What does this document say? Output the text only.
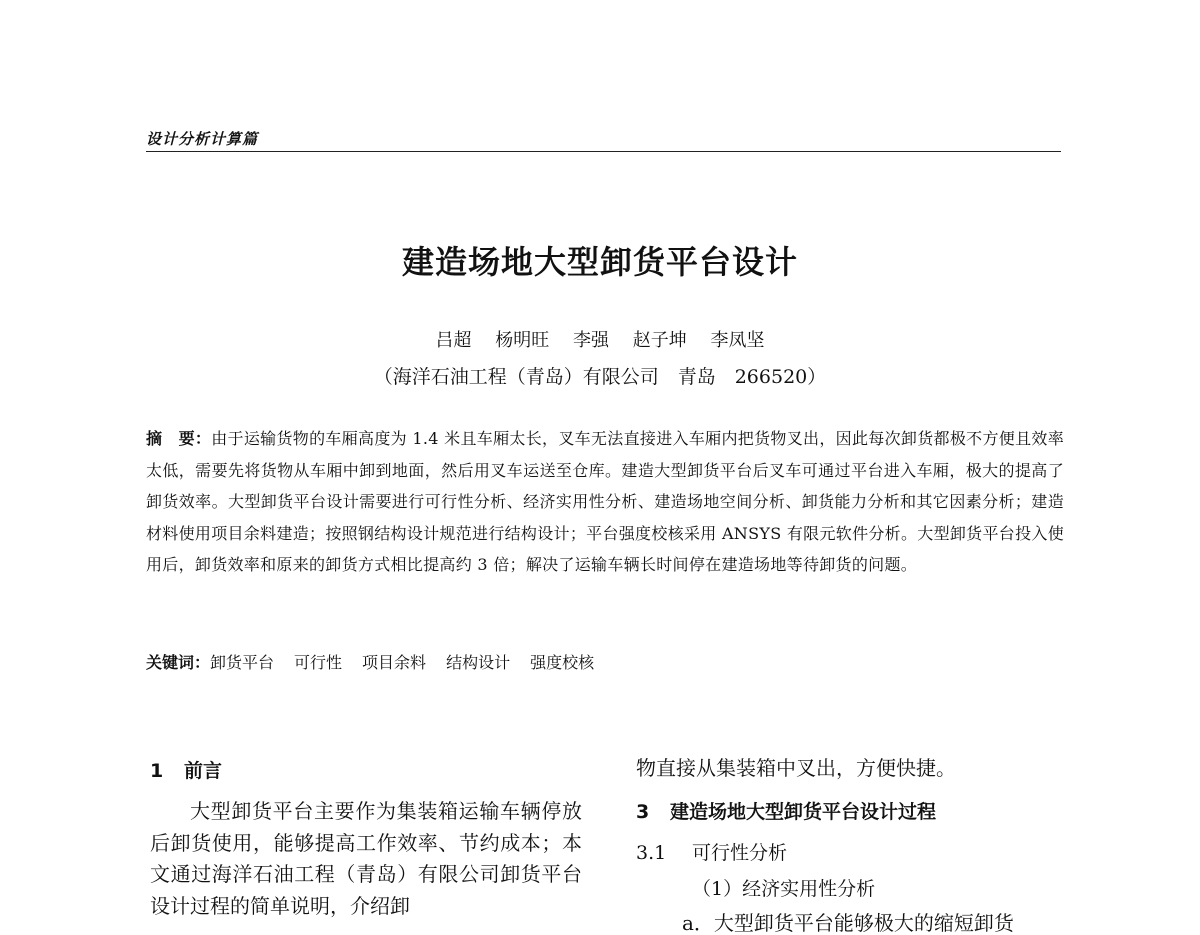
设计分析计算篇
建造场地大型卸货平台设计
吕超 杨明旺 李强 赵子坤 李凤坚
（海洋石油工程（青岛）有限公司　青岛　266520）
摘　要：由于运输货物的车厢高度为 1.4 米且车厢太长，叉车无法直接进入车厢内把货物叉出，因此每次卸货都极不方便且效率太低，需要先将货物从车厢中卸到地面，然后用叉车运送至仓库。建造大型卸货平台后叉车可通过平台进入车厢，极大的提高了卸货效率。大型卸货平台设计需要进行可行性分析、经济实用性分析、建造场地空间分析、卸货能力分析和其它因素分析；建造材料使用项目余料建造；按照钢结构设计规范进行结构设计；平台强度校核采用 ANSYS 有限元软件分析。大型卸货平台投入使用后，卸货效率和原来的卸货方式相比提高约 3 倍；解决了运输车辆长时间停在建造场地等待卸货的问题。
关键词：卸货平台 可行性 项目余料 结构设计 强度校核
1 前言
大型卸货平台主要作为集装箱运输车辆停放后卸货使用，能够提高工作效率、节约成本；本文通过海洋石油工程（青岛）有限公司卸货平台设计过程的简单说明，介绍卸
物直接从集装箱中叉出，方便快捷。
3 建造场地大型卸货平台设计过程
3.1 可行性分析
（1）经济实用性分析
a．大型卸货平台能够极大的缩短卸货
